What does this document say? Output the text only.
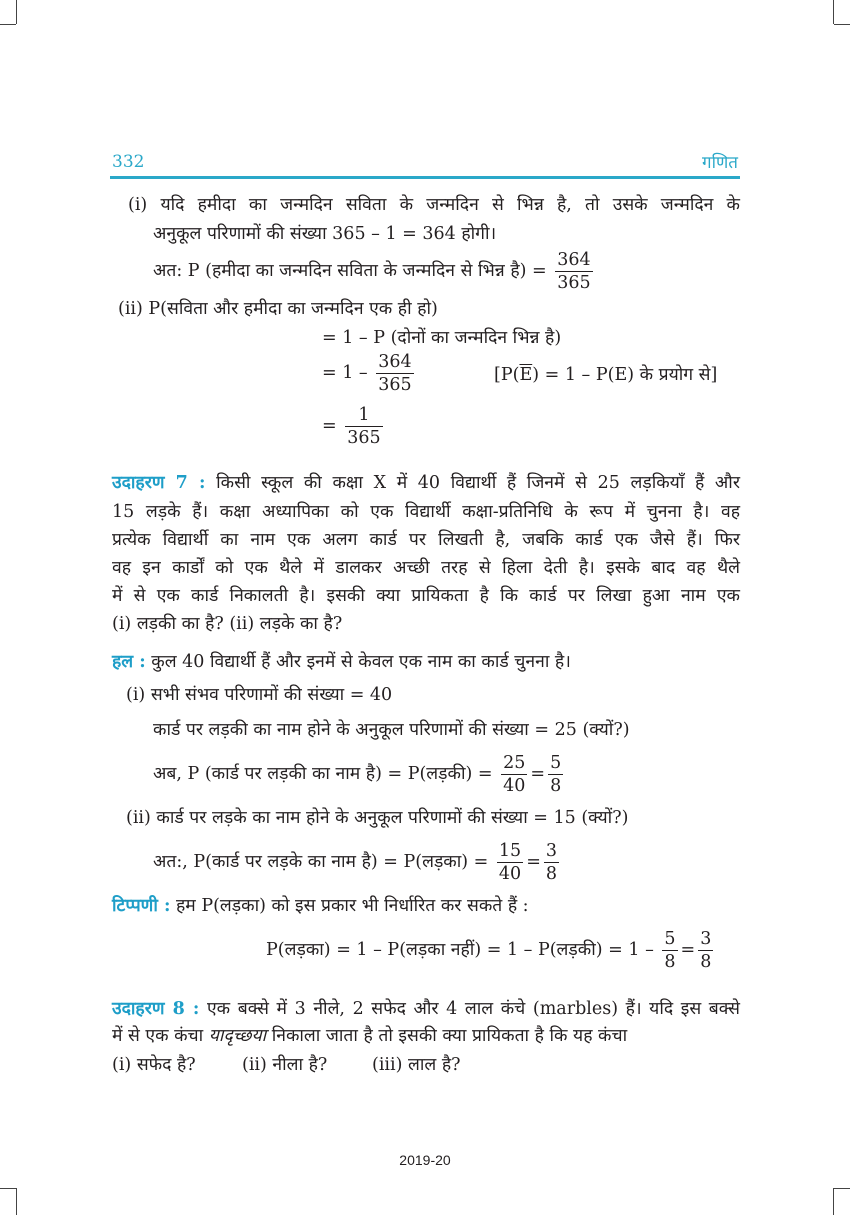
332	गणित
(i) यदि हमीदा का जन्मदिन सविता के जन्मदिन से भिन्न है, तो उसके जन्मदिन के
अनुकूल परिणामों की संख्या 365 – 1 = 364 होगी।
अत: P (हमीदा का जन्मदिन सविता के जन्मदिन से भिन्न है) = $\frac{364}{365}$
(ii) P(सविता और हमीदा का जन्मदिन एक ही हो)
= 1 – P (दोनों का जन्मदिन भिन्न है)
= $1 - \frac{364}{365}$	[$P(\overline{E}) = 1 - P(E)$ के प्रयोग से]
= $\frac{1}{365}$
उदाहरण 7 : किसी स्कूल की कक्षा X में 40 विद्यार्थी हैं जिनमें से 25 लड़कियाँ हैं और
15 लड़के हैं। कक्षा अध्यापिका को एक विद्यार्थी कक्षा-प्रतिनिधि के रूप में चुनना है। वह
प्रत्येक विद्यार्थी का नाम एक अलग कार्ड पर लिखती है, जबकि कार्ड एक जैसे हैं। फिर
वह इन कार्डों को एक थैले में डालकर अच्छी तरह से हिला देती है। इसके बाद वह थैले
में से एक कार्ड निकालती है। इसकी क्या प्रायिकता है कि कार्ड पर लिखा हुआ नाम एक
(i) लड़की का है? (ii) लड़के का है?
हल : कुल 40 विद्यार्थी हैं और इनमें से केवल एक नाम का कार्ड चुनना है।
(i) सभी संभव परिणामों की संख्या = 40
कार्ड पर लड़की का नाम होने के अनुकूल परिणामों की संख्या = 25 (क्यों?)
अब, P (कार्ड पर लड़की का नाम है) = P(लड़की) = $\frac{25}{40} = \frac{5}{8}$
(ii) कार्ड पर लड़के का नाम होने के अनुकूल परिणामों की संख्या = 15 (क्यों?)
अत:, P(कार्ड पर लड़के का नाम है) = P(लड़का) = $\frac{15}{40} = \frac{3}{8}$
टिप्पणी : हम P(लड़का) को इस प्रकार भी निर्धारित कर सकते हैं :
P(लड़का) = 1 – P(लड़का नहीं) = 1 – P(लड़की) = $1 - \frac{5}{8} = \frac{3}{8}$
उदाहरण 8 : एक बक्से में 3 नीले, 2 सफेद और 4 लाल कंचे (marbles) हैं। यदि इस बक्से
में से एक कंचा यादृच्छया निकाला जाता है तो इसकी क्या प्रायिकता है कि यह कंचा
(i) सफेद है?	(ii) नीला है?	(iii) लाल है?
2019-20
